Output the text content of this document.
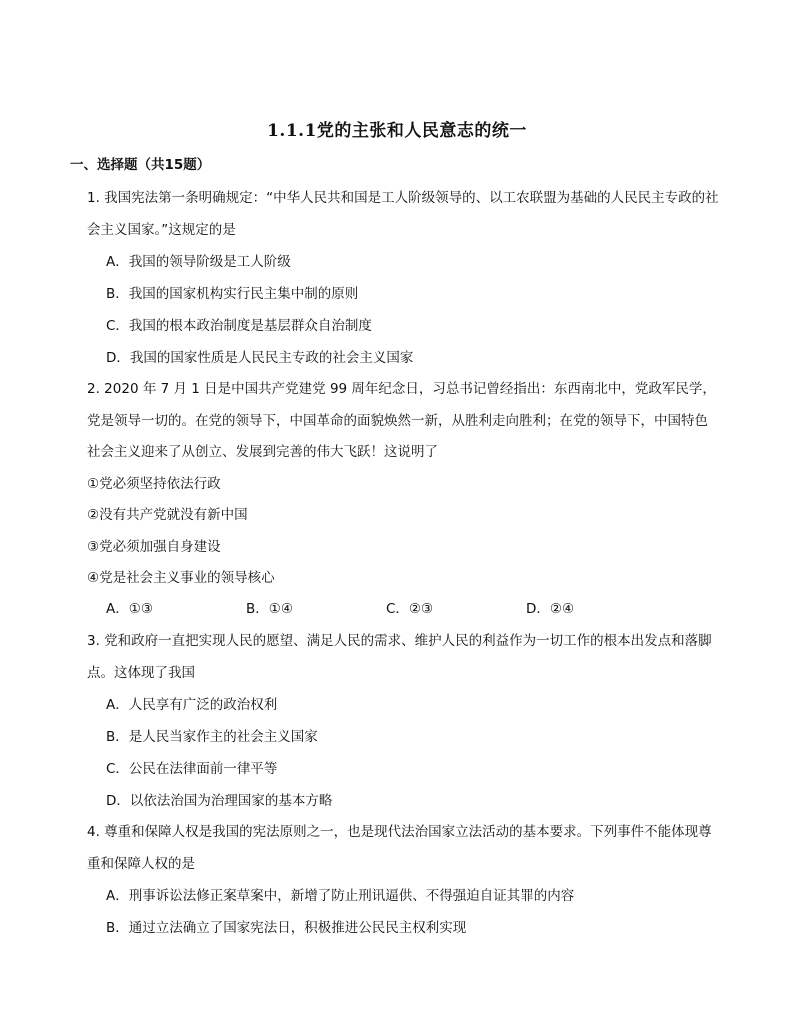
1.1.1党的主张和人民意志的统一
一、选择题（共15题）
1. 我国宪法第一条明确规定：“中华人民共和国是工人阶级领导的、以工农联盟为基础的人民民主专政的社
会主义国家。”这规定的是
A．我国的领导阶级是工人阶级
B．我国的国家机构实行民主集中制的原则
C．我国的根本政治制度是基层群众自治制度
D．我国的国家性质是人民民主专政的社会主义国家
2. 2020 年 7 月 1 日是中国共产党建党 99 周年纪念日，习总书记曾经指出：东西南北中，党政军民学，
党是领导一切的。在党的领导下，中国革命的面貌焕然一新，从胜利走向胜利；在党的领导下，中国特色
社会主义迎来了从创立、发展到完善的伟大飞跃！这说明了
①党必须坚持依法行政
②没有共产党就没有新中国
③党必须加强自身建设
④党是社会主义事业的领导核心
A．①③	B．①④	C．②③	D．②④
3. 党和政府一直把实现人民的愿望、满足人民的需求、维护人民的利益作为一切工作的根本出发点和落脚
点。这体现了我国
A．人民享有广泛的政治权利
B．是人民当家作主的社会主义国家
C．公民在法律面前一律平等
D．以依法治国为治理国家的基本方略
4. 尊重和保障人权是我国的宪法原则之一，也是现代法治国家立法活动的基本要求。下列事件不能体现尊
重和保障人权的是
A．刑事诉讼法修正案草案中，新增了防止刑讯逼供、不得强迫自证其罪的内容
B．通过立法确立了国家宪法日，积极推进公民民主权利实现
